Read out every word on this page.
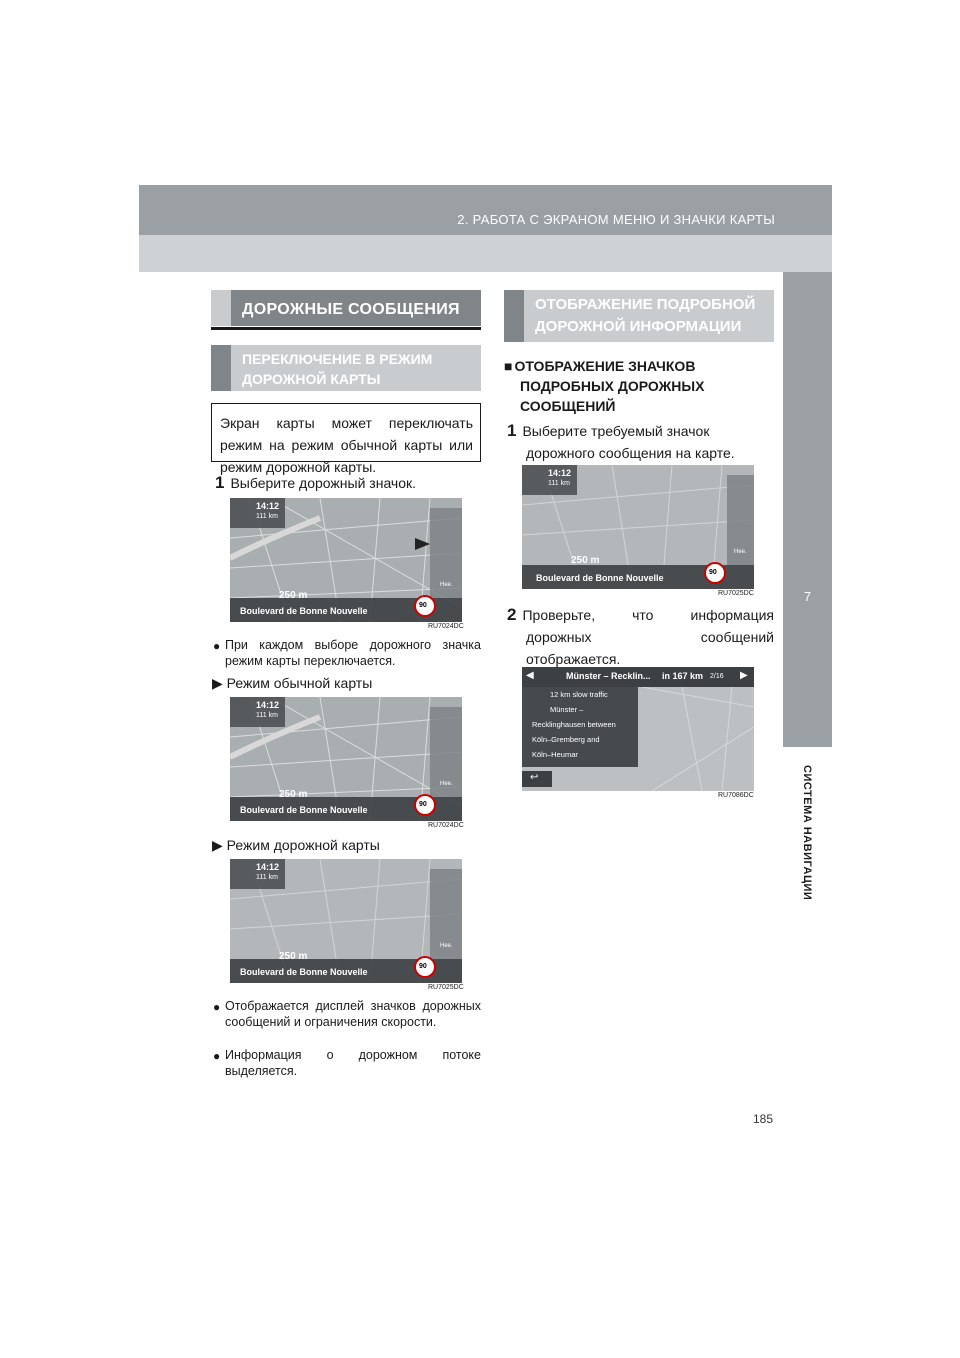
2. РАБОТА С ЭКРАНОМ МЕНЮ И ЗНАЧКИ КАРТЫ
7
СИСТЕМА НАВИГАЦИИ
ДОРОЖНЫЕ СООБЩЕНИЯ
ПЕРЕКЛЮЧЕНИЕ В РЕЖИМ
ДОРОЖНОЙ КАРТЫ
Экран карты может переключать режим на режим обычной карты или режим дорожной карты.
1 Выберите дорожный значок.
14:12
111 km
250 m
Boulevard de Bonne Nouvelle
90
Hee.
RU7024DC
● При каждом выборе дорожного значка режим карты переключается.
▶ Режим обычной карты
14:12
111 km
250 m
Boulevard de Bonne Nouvelle
90
Hee.
RU7024DC
▶ Режим дорожной карты
14:12
111 km
250 m
Boulevard de Bonne Nouvelle
90
Hee.
RU7025DC
● Отображается дисплей значков дорожных сообщений и ограничения скорости.
● Информация о дорожном потоке выделяется.
ОТОБРАЖЕНИЕ ПОДРОБНОЙ
ДОРОЖНОЙ ИНФОРМАЦИИ
■ ОТОБРАЖЕНИЕ ЗНАЧКОВ
ПОДРОБНЫХ ДОРОЖНЫХ
СООБЩЕНИЙ
1 Выберите требуемый значок
дорожного сообщения на карте.
14:12
111 km
250 m
Boulevard de Bonne Nouvelle
90
Hee.
RU7025DC
2 Проверьте, что информация
дорожных сообщений
отображается.
◀	▶
Münster – Recklin... in 167 km 2/16
12 km slow traffic
Münster –
Recklinghausen between
Köln–Gremberg and
Köln–Heumar
↩
RU7086DC
185
